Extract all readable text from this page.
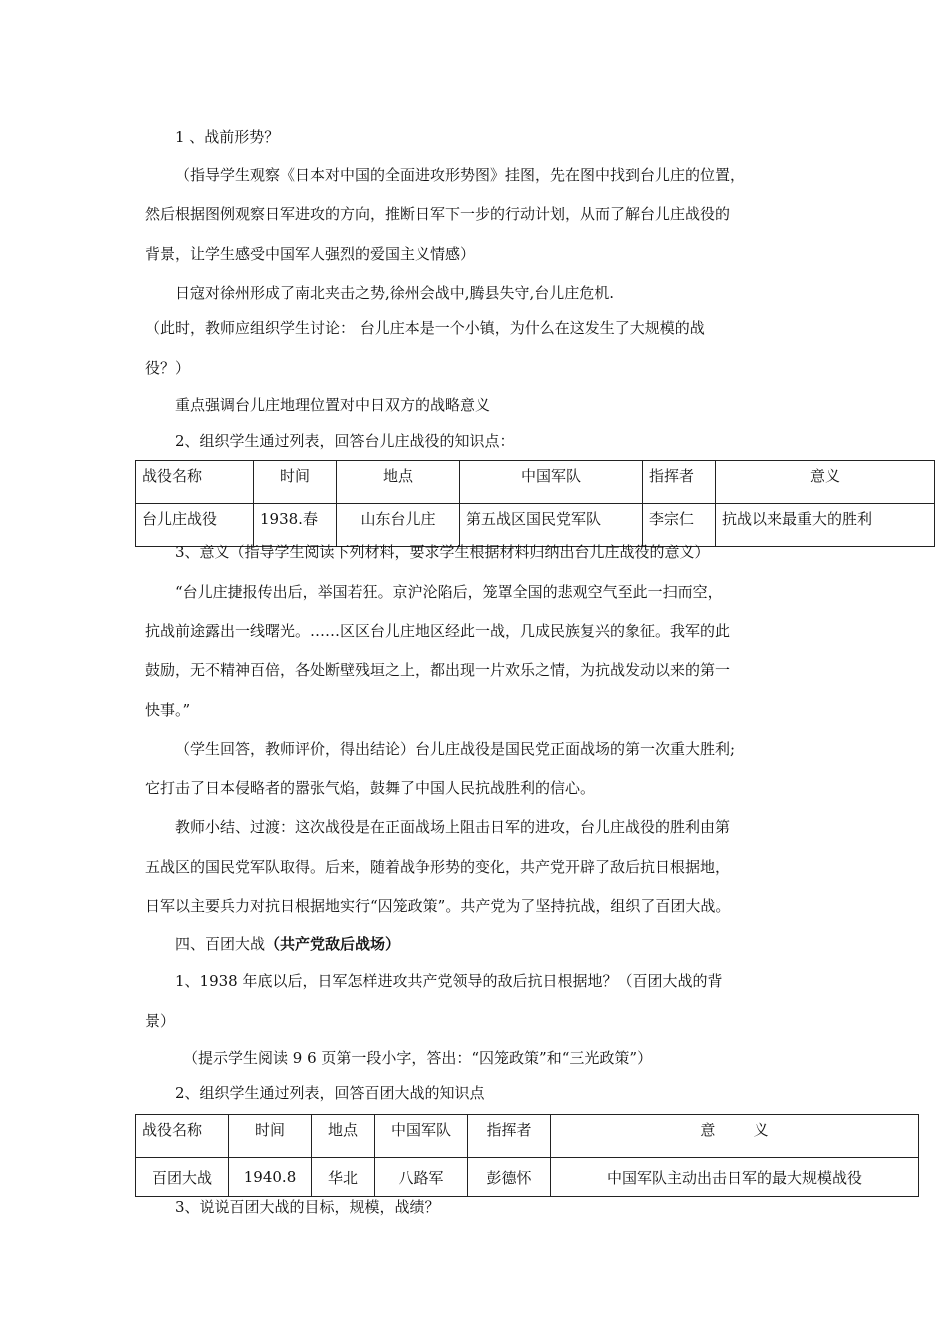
1 、战前形势？
（指导学生观察《日本对中国的全面进攻形势图》挂图，先在图中找到台儿庄的位置，
然后根据图例观察日军进攻的方向，推断日军下一步的行动计划，从而了解台儿庄战役的
背景，让学生感受中国军人强烈的爱国主义情感）
日寇对徐州形成了南北夹击之势,徐州会战中,腾县失守,台儿庄危机.
（此时，教师应组织学生讨论： 台儿庄本是一个小镇，为什么在这发生了大规模的战
役？）
重点强调台儿庄地理位置对中日双方的战略意义
2、组织学生通过列表，回答台儿庄战役的知识点：
战役名称	时间	地点	中国军队	指挥者	意义
台儿庄战役	1938.春	山东台儿庄	第五战区国民党军队	李宗仁	抗战以来最重大的胜利
3、意义（指导学生阅读下列材料，要求学生根据材料归纳出台儿庄战役的意义）
“台儿庄捷报传出后，举国若狂。京沪沦陷后，笼罩全国的悲观空气至此一扫而空，
抗战前途露出一线曙光。……区区台儿庄地区经此一战，几成民族复兴的象征。我军的此
鼓励，无不精神百倍，各处断壁残垣之上，都出现一片欢乐之情，为抗战发动以来的第一
快事。”
（学生回答，教师评价，得出结论）台儿庄战役是国民党正面战场的第一次重大胜利;
它打击了日本侵略者的嚣张气焰，鼓舞了中国人民抗战胜利的信心。
教师小结、过渡：这次战役是在正面战场上阻击日军的进攻，台儿庄战役的胜利由第
五战区的国民党军队取得。后来，随着战争形势的变化，共产党开辟了敌后抗日根据地，
日军以主要兵力对抗日根据地实行“囚笼政策”。共产党为了坚持抗战，组织了百团大战。
四、百团大战（共产党敌后战场）
1、1938 年底以后，日军怎样进攻共产党领导的敌后抗日根据地？（百团大战的背
景）
（提示学生阅读 9 6 页第一段小字，答出：“囚笼政策”和“三光政策”）
2、组织学生通过列表，回答百团大战的知识点
战役名称	时间	地点	中国军队	指挥者	意        义
百团大战	1940.8	华北	八路军	彭德怀	中国军队主动出击日军的最大规模战役
3、说说百团大战的目标，规模，战绩？
